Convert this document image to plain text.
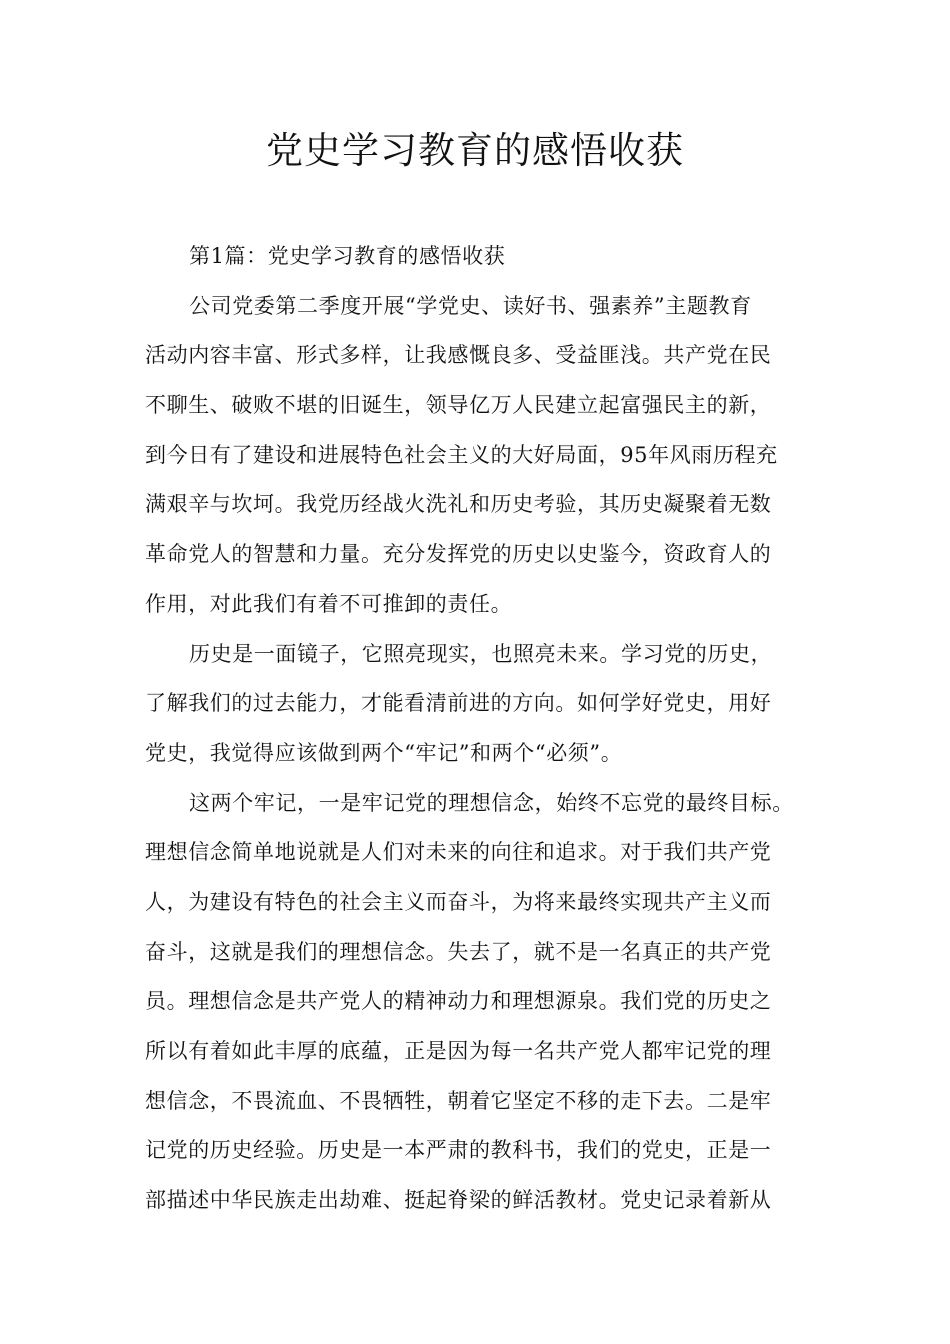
党史学习教育的感悟收获
第1篇：党史学习教育的感悟收获
公司党委第二季度开展“学党史、读好书、强素养”主题教育
活动内容丰富、形式多样，让我感慨良多、受益匪浅。共产党在民
不聊生、破败不堪的旧诞生，领导亿万人民建立起富强民主的新，
到今日有了建设和进展特色社会主义的大好局面，95年风雨历程充
满艰辛与坎坷。我党历经战火洗礼和历史考验，其历史凝聚着无数
革命党人的智慧和力量。充分发挥党的历史以史鉴今，资政育人的
作用，对此我们有着不可推卸的责任。
历史是一面镜子，它照亮现实，也照亮未来。学习党的历史，
了解我们的过去能力，才能看清前进的方向。如何学好党史，用好
党史，我觉得应该做到两个“牢记”和两个“必须”。
这两个牢记，一是牢记党的理想信念，始终不忘党的最终目标。
理想信念简单地说就是人们对未来的向往和追求。对于我们共产党
人，为建设有特色的社会主义而奋斗，为将来最终实现共产主义而
奋斗，这就是我们的理想信念。失去了，就不是一名真正的共产党
员。理想信念是共产党人的精神动力和理想源泉。我们党的历史之
所以有着如此丰厚的底蕴，正是因为每一名共产党人都牢记党的理
想信念，不畏流血、不畏牺牲，朝着它坚定不移的走下去。二是牢
记党的历史经验。历史是一本严肃的教科书，我们的党史，正是一
部描述中华民族走出劫难、挺起脊梁的鲜活教材。党史记录着新从
